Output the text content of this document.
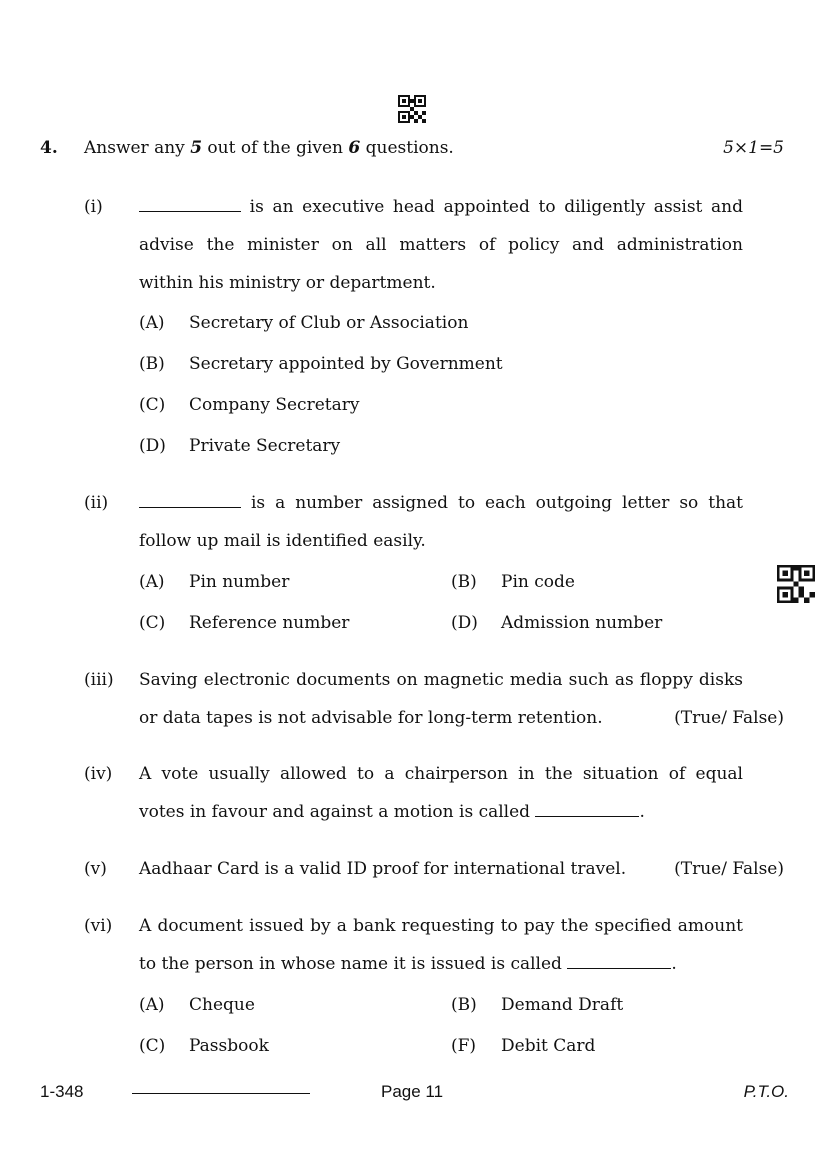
4. Answer any 5 out of the given 6 questions.	5×1=5
(i)	is an executive head appointed to diligently assist and
advise the minister on all matters of policy and administration
within his ministry or department.
(A) Secretary of Club or Association
(B) Secretary appointed by Government
(C) Company Secretary
(D) Private Secretary
(ii)	is a number assigned to each outgoing letter so that
follow up mail is identified easily.
(A) Pin number	(B) Pin code
(C) Reference number	(D) Admission number
(iii) Saving electronic documents on magnetic media such as floppy disks
or data tapes is not advisable for long-term retention.	(True/ False)
(iv) A vote usually allowed to a chairperson in the situation of equal
votes in favour and against a motion is called	.
(v) Aadhaar Card is a valid ID proof for international travel.	(True/ False)
(vi) A document issued by a bank requesting to pay the specified amount
to the person in whose name it is issued is called	.
(A) Cheque	(B) Demand Draft
(C) Passbook	(F) Debit Card
1-348	Page 11	P.T.O.
